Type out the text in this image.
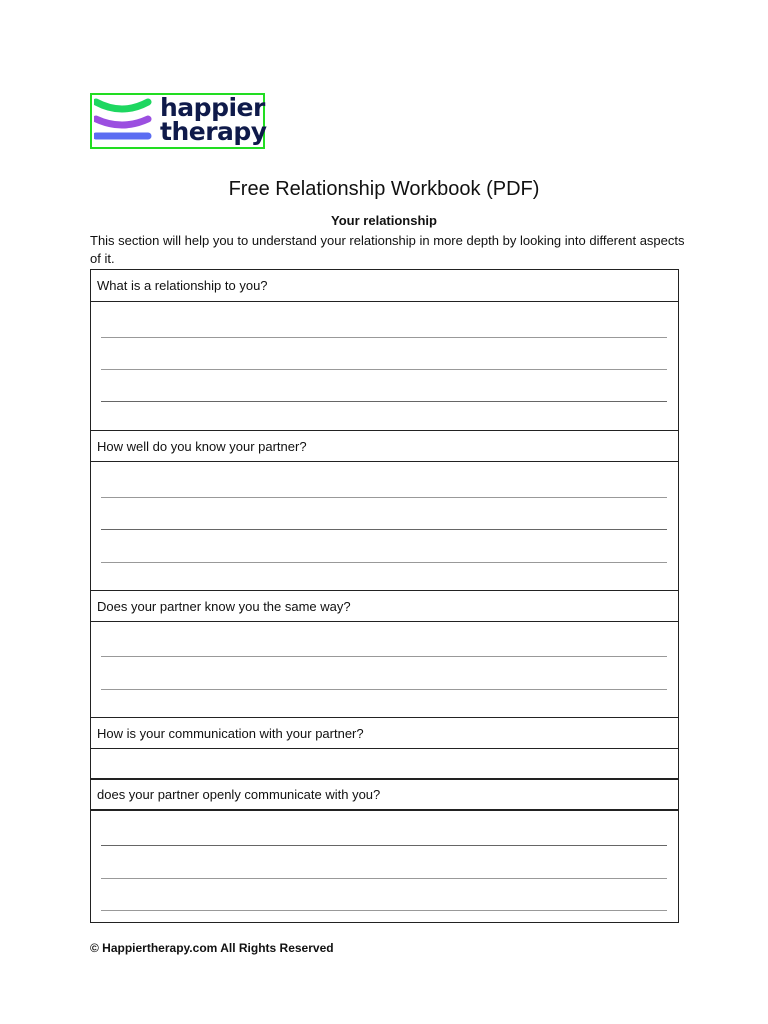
happier
therapy
Free Relationship Workbook (PDF)
Your relationship
This section will help you to understand your relationship in more depth by looking into different aspects of it.
What is a relationship to you?
How well do you know your partner?
Does your partner know you the same way?
How is your communication with your partner?
does your partner openly communicate with you?
© Happiertherapy.com All Rights Reserved
